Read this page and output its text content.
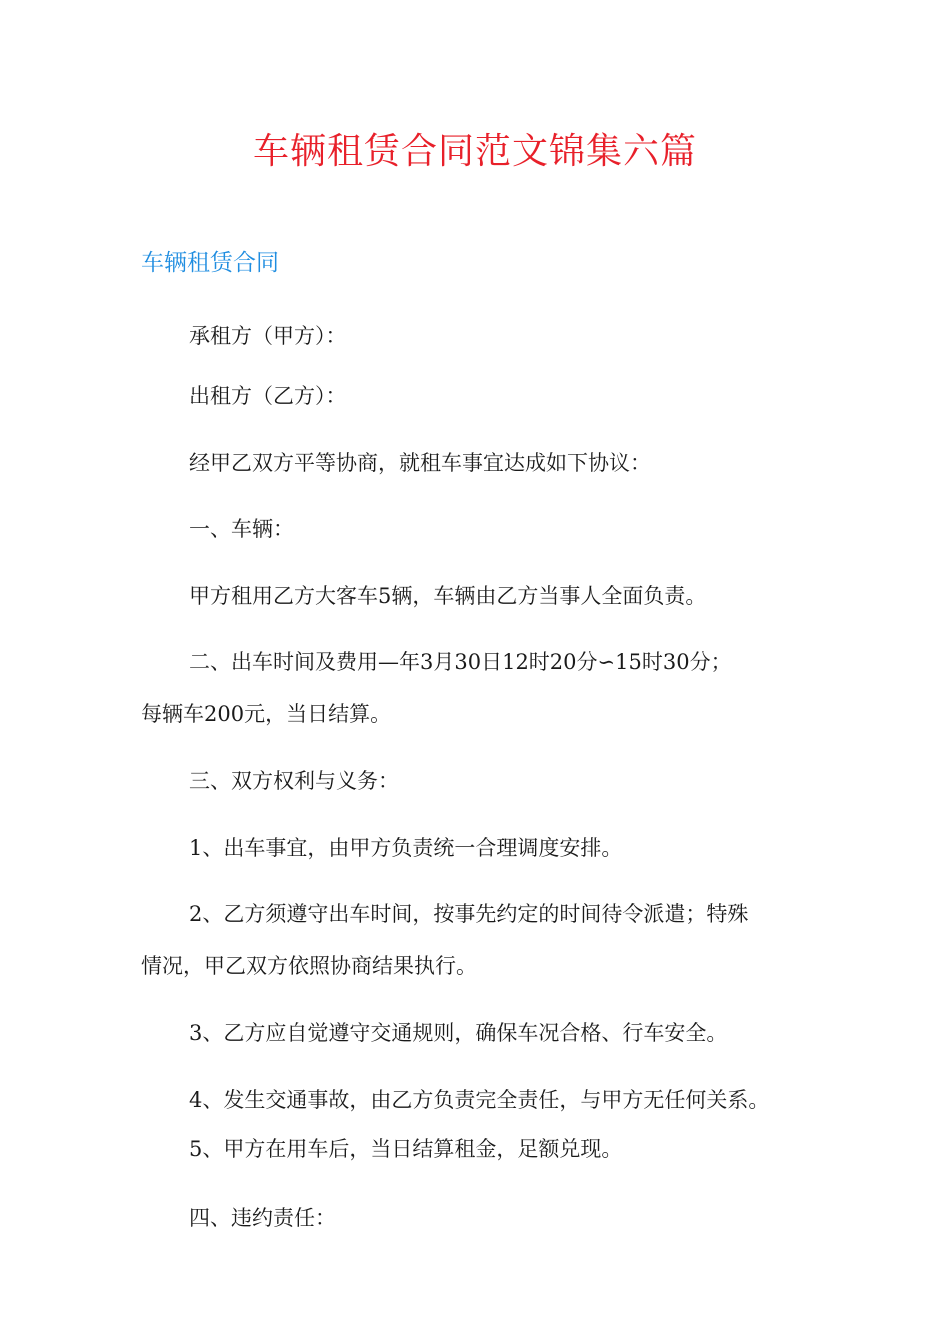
车辆租赁合同范文锦集六篇
车辆租赁合同
承租方（甲方）：
出租方（乙方）：
经甲乙双方平等协商，就租车事宜达成如下协议：
一、车辆：
甲方租用乙方大客车5辆，车辆由乙方当事人全面负责。
二、出车时间及费用—年3月30日12时20分∽15时30分；
每辆车200元，当日结算。
三、双方权利与义务：
1、出车事宜，由甲方负责统一合理调度安排。
2、乙方须遵守出车时间，按事先约定的时间待令派遣；特殊
情况，甲乙双方依照协商结果执行。
3、乙方应自觉遵守交通规则，确保车况合格、行车安全。
4、发生交通事故，由乙方负责完全责任，与甲方无任何关系。
5、甲方在用车后，当日结算租金，足额兑现。
四、违约责任：
